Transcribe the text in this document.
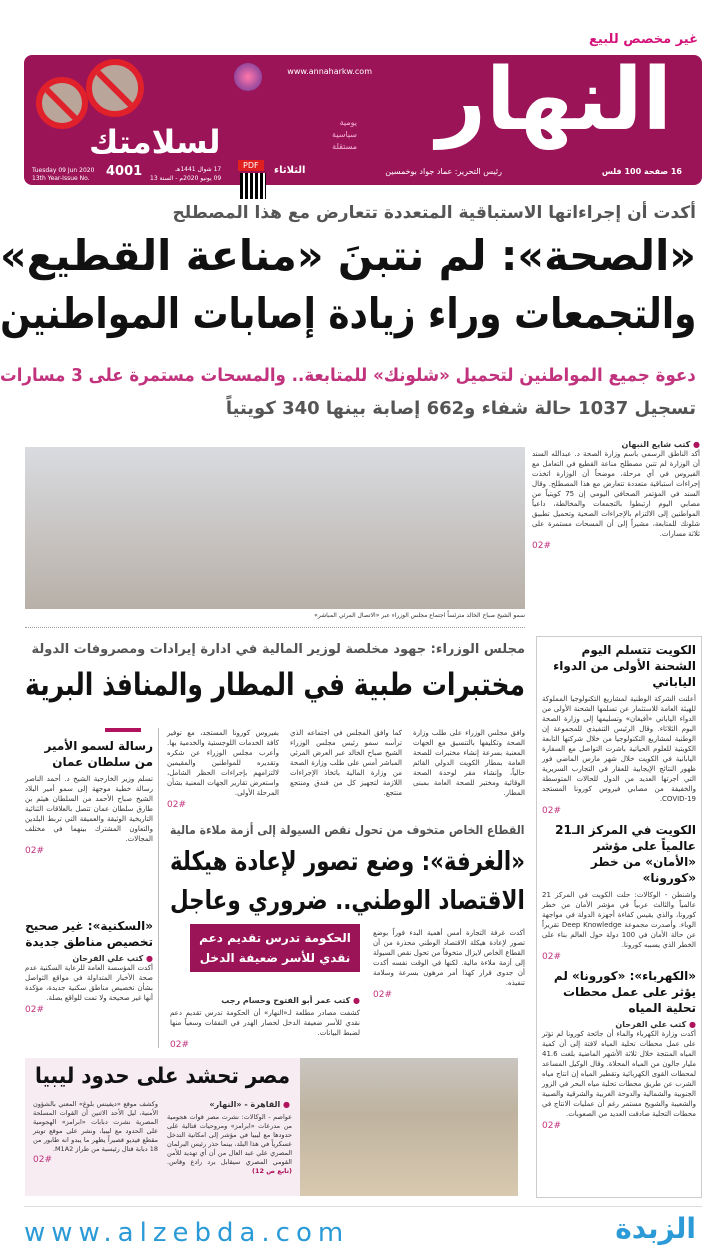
غير مخصص للبيع
النهار
www.annaharkw.com
يومية
سياسية
مستقلة
رئيس التحرير: عماد جواد بوخمسين	16 صفحة 100 فلس
لسلامتك
Tuesday 09 Jun 2020
13th Year-Issue No.	4001	17 شوال 1441هـ
09 يونيو 2020م - السنة 13
الثلاثاء
PDF
أكدت أن إجراءاتها الاستباقية المتعددة تتعارض مع هذا المصطلح
«الصحة»: لم نتبنَ «مناعة القطيع»
والتجمعات وراء زيادة إصابات المواطنين
دعوة جميع المواطنين لتحميل «شلونك» للمتابعة.. والمسحات مستمرة على 3 مسارات
تسجيل 1037 حالة شفاء و662 إصابة بينها 340 كويتياً
● كتب شايع النبهان
أكد الناطق الرسمي باسم وزارة الصحة د. عبدالله السند أن الوزارة لم تتبن مصطلح مناعة القطيع في التعامل مع الفيروس في أي مرحلة، موضحاً أن الوزارة اتخذت إجراءات استباقية متعددة تتعارض مع هذا المصطلح. وقال السند في المؤتمر الصحافي اليومي إن 75 كويتياً من مصابي اليوم ارتبطوا بالتجمعات والمخالطة، داعياً المواطنين إلى الالتزام بالإجراءات الصحية وتحميل تطبيق شلونك للمتابعة، مشيراً إلى أن المسحات مستمرة على ثلاثة مسارات.
02#
سمو الشيخ صباح الخالد مترئساً اجتماع مجلس الوزراء عبر «الاتصال المرئي المباشر»
مجلس الوزراء: جهود مخلصة لوزير المالية في ادارة إيرادات ومصروفات الدولة
مختبرات طبية في المطار والمنافذ البرية
وافق مجلس الوزراء على طلب وزارة الصحة وتكليفها بالتنسيق مع الجهات المعنية بسرعة إنشاء مختبرات للصحة العامة بمطار الكويت الدولي القائم حالياً، وإنشاء مقر لوحدة الصحة الوقائية ومختبر للصحة العامة بمبنى المطار.
كما وافق المجلس في اجتماعه الذي ترأسه سمو رئيس مجلس الوزراء الشيخ صباح الخالد عبر العرض المرئي المباشر أمس على طلب وزارة الصحة من وزارة المالية باتخاذ الإجراءات اللازمة لتجهيز كل من فندق ومنتجع منتجع.
بفيروس كورونا المستجد، مع توفير كافة الخدمات اللوجستية والخدمية بها. وأعرب مجلس الوزراء عن شكره وتقديره للمواطنين والمقيمين لالتزامهم بإجراءات الحظر الشامل، واستعرض تقارير الجهات المعنية بشأن المرحلة الأولى.
02#
رسالة لسمو الأمير من سلطان عمان
تسلم وزير الخارجية الشيخ د. أحمد الناصر رسالة خطية موجهة إلى سمو أمير البلاد الشيخ صباح الأحمد من السلطان هيثم بن طارق سلطان عمان تتصل بالعلاقات الثنائية التاريخية الوثيقة والعميقة التي تربط البلدين والتعاون المشترك بينهما في مختلف المجالات.
02#
«السكنية»: غير صحيح تخصيص مناطق جديدة
● كتب علي الفرحان
أكدت المؤسسة العامة للرعاية السكنية عدم صحة الأخبار المتداولة في مواقع التواصل بشأن تخصيص مناطق سكنية جديدة، مؤكدة أنها غير صحيحة ولا تمت للواقع بصلة.
02#
القطاع الخاص متخوف من تحول نقص السيولة إلى أزمة ملاءة مالية
«الغرفة»: وضع تصور لإعادة هيكلة
الاقتصاد الوطني.. ضروري وعاجل
أكدت غرفة التجارة أمس أهمية البدء فوراً بوضع تصور لإعادة هيكلة الاقتصاد الوطني محذرة من أن القطاع الخاص لايزال متخوفاً من تحول نقص السيولة إلى أزمة ملاءة مالية. لكنها في الوقت نفسه أكدت أن جدوى قرار كهذا أمر مرهون بسرعة وسلامة تنفيذه.
02#
الحكومة تدرس تقديم دعم نقدي للأسر ضعيفة الدخل
● كتب عمر أبو الفتوح وحسام رجب
كشفت مصادر مطلعة لـ«النهار» أن الحكومة تدرس تقديم دعم نقدي للأسر ضعيفة الدخل لحصار الهدر في النفقات وسعياً منها لضبط البيانات.
02#
مصر تحشد على حدود ليبيا
● القاهرة - «النهار»
عواصم - الوكالات: نشرت مصر قوات هجومية من مدرعات «ابرامز» ومروحيات قتالية على حدودها مع ليبيا في مؤشر إلى امكانية التدخل عسكرياً في هذا البلد، بينما حذر رئيس البرلمان المصري علي عبد العال من أن أي تهديد للأمن القومي المصري سيقابل برد رادع وقاس. (تابع ص 12)
وكشف موقع «ديفينس بلوغ» المعني بالشؤون الأمنية، ليل الأحد الاثنين أن القوات المسلحة المصرية نشرت دبابات «ابرامز» الهجومية على الحدود مع ليبيا، ونشر على موقع تويتر مقطع فيديو قصيراً يظهر ما يبدو انه طابور من 18 دبابة قتال رئيسية من طراز M1A2.
02#
الكويت تتسلم اليوم الشحنة الأولى من الدواء الياباني
أعلنت الشركة الوطنية لمشاريع التكنولوجيا المملوكة للهيئة العامة للاستثمار عن تسلمها الشحنة الأولى من الدواء الياباني «أفيغان» وتسليمها إلى وزارة الصحة اليوم الثلاثاء. وقال الرئيس التنفيذي للمجموعة إن الوطنية لمشاريع التكنولوجيا من خلال شركتها التابعة الكويتية للعلوم الحياتية باشرت التواصل مع السفارة اليابانية في الكويت خلال شهر مارس الماضي فور ظهور النتائج الإيجابية للعقار في التجارب السريرية التي أجرتها العديد من الدول للحالات المتوسطة والخفيفة من مصابي فيروس كورونا المستجد COVID-19.
02#
الكويت في المركز الـ21 عالمياً على مؤشر «الأمان» من خطر «كورونا»
واشنطن - الوكالات: حلت الكويت في المركز 21 عالمياً والثالث عربياً في مؤشر الأمان من خطر كورونا، والذي يقيس كفاءة أجهزة الدولة في مواجهة الوباء. وأصدرت مجموعة Deep Knowledge تقريراً عن حالة الأمان في 100 دولة حول العالم بناء على الخطر الذي يسببه كورونا.
02#
«الكهرباء»: «كورونا» لم يؤثر على عمل محطات تحلية المياه
● كتب علي الفرحان
أكدت وزارة الكهرباء والماء أن جائحة كورونا لم تؤثر على عمل محطات تحلية المياه لافتة إلى أن كمية المياه المنتجة خلال ثلاثة الأشهر الماضية بلغت 41.6 مليار جالون من المياه المحلاة. وقال الوكيل المساعد لمحطات القوى الكهربائية وتقطير المياه إن انتاج مياه الشرب عن طريق محطات تحلية مياه البحر في الزور الجنوبية والشمالية والدوحة الغربية والشرقية والصبية والشعيبة والشويخ مستمر رغم أن عمليات الانتاج في محطات التحلية صادفت العديد من الصعوبات.
02#
www.alzebda.com	الزبدة
